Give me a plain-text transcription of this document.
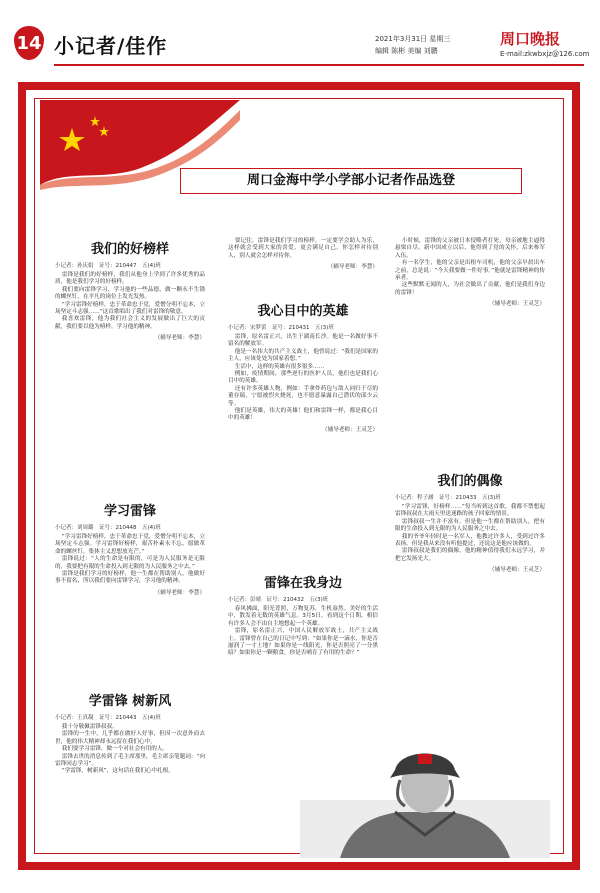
14 小记者/佳作	2021年3月31日 星期三
编辑 陈彬 美编 刘鹏
周口晚报
E-mail:zkwbxjz@126.com
周口金海中学小学部小记者作品选登
我们的好榜样
小记者：孙庆娟　证号：210447　五(4)班

雷锋是我们的好榜样，我们从他身上学到了许多优秀的品质，他是我们学习的好榜样。

我们要向雷锋学习，学习他的一些品德，做一颗永不生锈的螺丝钉，在平凡的岗位上发光发热。

“学习雷锋好榜样，忠于革命忠于党，爱憎分明不忘本，立场坚定斗志强……”这首歌唱出了我们对雷锋的敬意。

我喜欢雷锋，他为我们社会主义的发展做出了巨大的贡献，我们要以他为榜样，学习他的精神。

（辅导老师：李慧）
学习雷锋
小记者：刘周璐　证号：210448　五(4)班

“学习雷锋好榜样，忠于革命忠于党，爱憎分明不忘本，立场坚定斗志强。学习雷锋好榜样，艰苦朴素永不忘，愿做革命的螺丝钉，集体主义思想放光芒。”

雷锋说过：“人的生命是有限的，可是为人民服务是无限的，我要把有限的生命投入到无限的为人民服务之中去。”

雷锋是我们学习的好榜样，他一生都在帮助别人，他做好事不留名，所以我们要向雷锋学习，学习他的精神。

（辅导老师：李慧）
学雷锋 树新风
小记者：王真凝　证号：210443　五(4)班

我十分敬佩雷锋叔叔。

雷锋的一生中，几乎都在做好人好事，但因一次意外而去世，他的伟大精神却永远留在我们心中。

我们要学习雷锋，做一个对社会有用的人。

雷锋去世的消息传到了毛主席那里，毛主席亲笔题词：“向雷锋同志学习”。

“学雷锋，树新风”，这句话在我们心中扎根。

要记住，雷锋是我们学习的榜样，一定要学会助人为乐，这样就会受到大家的喜爱，更会满足自己。你怎样对待别人，别人就会怎样对待你。

（辅导老师：李慧）
我心目中的英雄
小记者：宋梦蕾　证号：210431　五(3)班

雷锋，原名雷正兴，出生于湖南长沙。他是一名做好事不留名的解放军。

他是一名伟大的共产主义战士，他曾说过：“我们是国家的主人，应该处处为国家着想。”

生活中，这样的英雄有很多很多……

例如，疫情期间，那些逆行的医护人员，他们也是我们心目中的英雄。

还有许多英雄人物，例如：手拿炸药包与敌人同归于尽的董存瑞，宁愿被烈火烧死，也不愿意暴露自己潜伏的邱少云等。

他们是英雄，伟大的英雄！他们和雷锋一样，都是我心目中的英雄！

（辅导老师：王灵芝）
雷锋在我身边
小记者：彭晴　证号：210432　五(3)班

春风拂面，阳光普照，万物复苏，生机盎然。美好的生活中，散发着无数的英雄气息。3月5日，看到这个日期，相信有许多人会不由自主地想起一个英雄。

雷锋，原名雷正兴，中国人民解放军战士，共产主义战士。雷锋曾在自己的日记中写到：“如果你是一滴水，你是否滋润了一寸土地？如果你是一线阳光，你是否照亮了一分黑暗？如果你是一颗粮食，你是否哺育了有用的生命？”

小时候，雷锋的父亲被日本侵略者打死，母亲被地主逼得悬梁自尽。新中国成立以后，他得到了党的关怀，后来参军入伍。

有一名学生，他的父亲是出租车司机，他的父亲早晨出车之前，总是说：“今天我要做一件好事。”他就是雷锋精神的传承者。

这些默默无闻的人，为社会做出了贡献，他们是我们身边的雷锋！

（辅导老师：王灵芝）
我们的偶像
小记者：程子涵　证号：210433　五(3)班

“学习雷锋，好榜样……”每当听到这首歌，我都不禁想起雷锋叔叔在大雨天里送迷路的孩子回家的情景。

雷锋叔叔一生并不富有，但是他一生都在帮助别人，把有限的生命投入到无限的为人民服务之中去。

我的爷爷年轻时是一名军人，他教过许多人，受到过许多表扬。但是我从来没有听他提过，还说这是他应该做的。

雷锋叔叔是我们的偶像，他的精神值得我们永远学习，并把它发扬光大。

（辅导老师：王灵芝）
